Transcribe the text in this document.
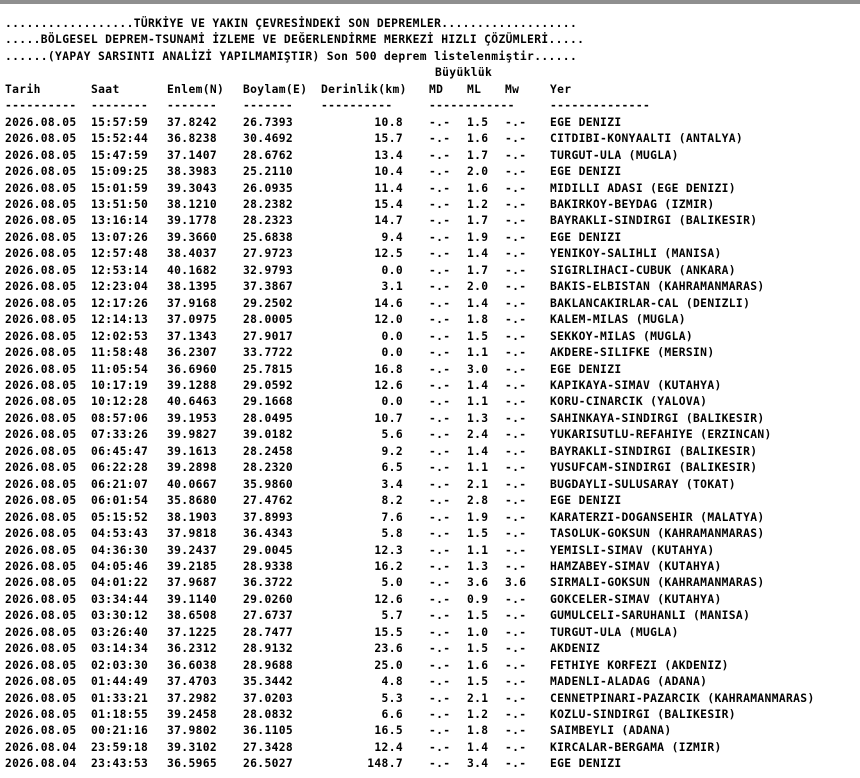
..................TÜRKİYE VE YAKIN ÇEVRESİNDEKİ SON DEPREMLER...................
.....BÖLGESEL DEPREM-TSUNAMİ İZLEME VE DEĞERLENDİRME MERKEZİ HIZLI ÇÖZÜMLERİ.....
......(YAPAY SARSINTI ANALİZİ YAPILMAMIŞTIR) Son 500 deprem listelenmiştir......
Büyüklük
Tarih	Saat	Enlem(N) Boylam(E) Derinlik(km) MD ML Mw	Yer
---------- -------- ------- ------- ----------	------------	--------------
2026.08.05 15:57:59 37.8242 26.7393	10.8 -.- 1.5 -.- EGE DENIZI
2026.08.05 15:52:44 36.8238 30.4692	15.7 -.- 1.6 -.- CITDIBI-KONYAALTI (ANTALYA)
2026.08.05 15:47:59 37.1407 28.6762	13.4 -.- 1.7 -.- TURGUT-ULA (MUGLA)
2026.08.05 15:09:25 38.3983 25.2110	10.4 -.- 2.0 -.- EGE DENIZI
2026.08.05 15:01:59 39.3043 26.0935	11.4 -.- 1.6 -.- MIDILLI ADASI (EGE DENIZI)
2026.08.05 13:51:50 38.1210 28.2382	15.4 -.- 1.2 -.- BAKIRKOY-BEYDAG (IZMIR)
2026.08.05 13:16:14 39.1778 28.2323	14.7 -.- 1.7 -.- BAYRAKLI-SINDIRGI (BALIKESIR)
2026.08.05 13:07:26 39.3660 25.6838	9.4 -.- 1.9 -.- EGE DENIZI
2026.08.05 12:57:48 38.4037 27.9723	12.5 -.- 1.4 -.- YENIKOY-SALIHLI (MANISA)
2026.08.05 12:53:14 40.1682 32.9793	0.0 -.- 1.7 -.- SIGIRLIHACI-CUBUK (ANKARA)
2026.08.05 12:23:04 38.1395 37.3867	3.1 -.- 2.0 -.- BAKIS-ELBISTAN (KAHRAMANMARAS)
2026.08.05 12:17:26 37.9168 29.2502	14.6 -.- 1.4 -.- BAKLANCAKIRLAR-CAL (DENIZLI)
2026.08.05 12:14:13 37.0975 28.0005	12.0 -.- 1.8 -.- KALEM-MILAS (MUGLA)
2026.08.05 12:02:53 37.1343 27.9017	0.0 -.- 1.5 -.- SEKKOY-MILAS (MUGLA)
2026.08.05 11:58:48 36.2307 33.7722	0.0 -.- 1.1 -.- AKDERE-SILIFKE (MERSIN)
2026.08.05 11:05:54 36.6960 25.7815	16.8 -.- 3.0 -.- EGE DENIZI
2026.08.05 10:17:19 39.1288 29.0592	12.6 -.- 1.4 -.- KAPIKAYA-SIMAV (KUTAHYA)
2026.08.05 10:12:28 40.6463 29.1668	0.0 -.- 1.1 -.- KORU-CINARCIK (YALOVA)
2026.08.05 08:57:06 39.1953 28.0495	10.7 -.- 1.3 -.- SAHINKAYA-SINDIRGI (BALIKESIR)
2026.08.05 07:33:26 39.9827 39.0182	5.6 -.- 2.4 -.- YUKARISUTLU-REFAHIYE (ERZINCAN)
2026.08.05 06:45:47 39.1613 28.2458	9.2 -.- 1.4 -.- BAYRAKLI-SINDIRGI (BALIKESIR)
2026.08.05 06:22:28 39.2898 28.2320	6.5 -.- 1.1 -.- YUSUFCAM-SINDIRGI (BALIKESIR)
2026.08.05 06:21:07 40.0667 35.9860	3.4 -.- 2.1 -.- BUGDAYLI-SULUSARAY (TOKAT)
2026.08.05 06:01:54 35.8680 27.4762	8.2 -.- 2.8 -.- EGE DENIZI
2026.08.05 05:15:52 38.1903 37.8993	7.6 -.- 1.9 -.- KARATERZI-DOGANSEHIR (MALATYA)
2026.08.05 04:53:43 37.9818 36.4343	5.8 -.- 1.5 -.- TASOLUK-GOKSUN (KAHRAMANMARAS)
2026.08.05 04:36:30 39.2437 29.0045	12.3 -.- 1.1 -.- YEMISLI-SIMAV (KUTAHYA)
2026.08.05 04:05:46 39.2185 28.9338	16.2 -.- 1.3 -.- HAMZABEY-SIMAV (KUTAHYA)
2026.08.05 04:01:22 37.9687 36.3722	5.0 -.- 3.6 3.6 SIRMALI-GOKSUN (KAHRAMANMARAS)
2026.08.05 03:34:44 39.1140 29.0260	12.6 -.- 0.9 -.- GOKCELER-SIMAV (KUTAHYA)
2026.08.05 03:30:12 38.6508 27.6737	5.7 -.- 1.5 -.- GUMULCELI-SARUHANLI (MANISA)
2026.08.05 03:26:40 37.1225 28.7477	15.5 -.- 1.0 -.- TURGUT-ULA (MUGLA)
2026.08.05 03:14:34 36.2312 28.9132	23.6 -.- 1.5 -.- AKDENIZ
2026.08.05 02:03:30 36.6038 28.9688	25.0 -.- 1.6 -.- FETHIYE KORFEZI (AKDENIZ)
2026.08.05 01:44:49 37.4703 35.3442	4.8 -.- 1.5 -.- MADENLI-ALADAG (ADANA)
2026.08.05 01:33:21 37.2982 37.0203	5.3 -.- 2.1 -.- CENNETPINARI-PAZARCIK (KAHRAMANMARAS)
2026.08.05 01:18:55 39.2458 28.0832	6.6 -.- 1.2 -.- KOZLU-SINDIRGI (BALIKESIR)
2026.08.05 00:21:16 37.9802 36.1105	16.5 -.- 1.8 -.- SAIMBEYLI (ADANA)
2026.08.04 23:59:18 39.3102 27.3428	12.4 -.- 1.4 -.- KIRCALAR-BERGAMA (IZMIR)
2026.08.04 23:43:53 36.5965 26.5027	148.7 -.- 3.4 -.- EGE DENIZI
